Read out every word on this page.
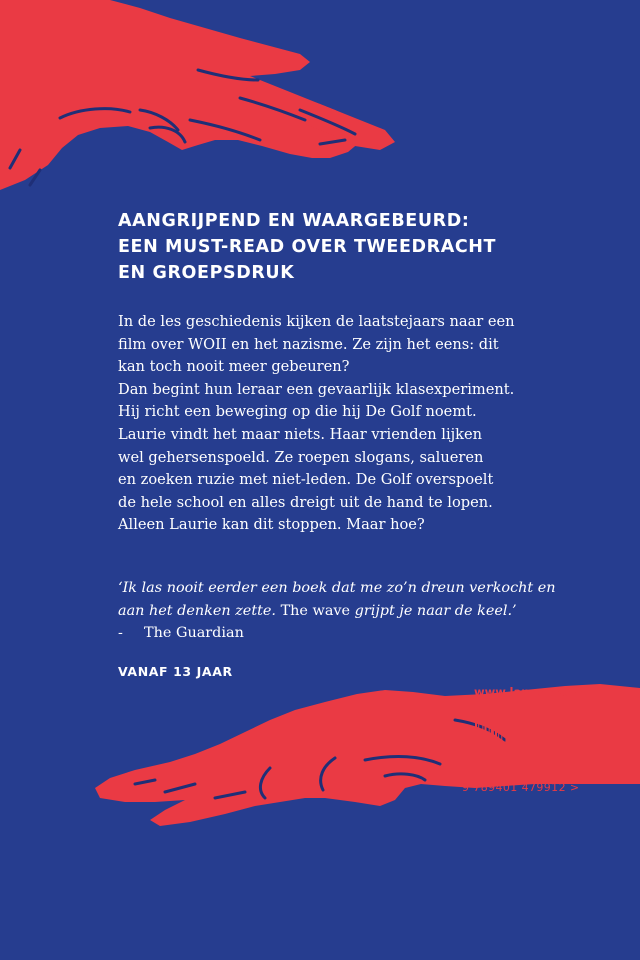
AANGRIJPEND EN WAARGEBEURD:
EEN MUST-READ OVER TWEEDRACHT
EN GROEPSDRUK

In de les geschiedenis kijken de laatstejaars naar een
film over WOII en het nazisme. Ze zijn het eens: dit
kan toch nooit meer gebeuren?
Dan begint hun leraar een gevaarlijk klasexperiment.
Hij richt een beweging op die hij De Golf noemt.
Laurie vindt het maar niets. Haar vrienden lijken
wel gehersenspoeld. Ze roepen slogans, salueren
en zoeken ruzie met niet-leden. De Golf overspoelt
de hele school en alles dreigt uit de hand te lopen.
Alleen Laurie kan dit stoppen. Maar hoe?

‘Ik las nooit eerder een boek dat me zo’n dreun verkocht en
aan het denken zette. The wave grijpt je naar de keel.’
- The Guardian
VANAF 13 JAAR
www.lannoo.com
9 789401 479912 >
